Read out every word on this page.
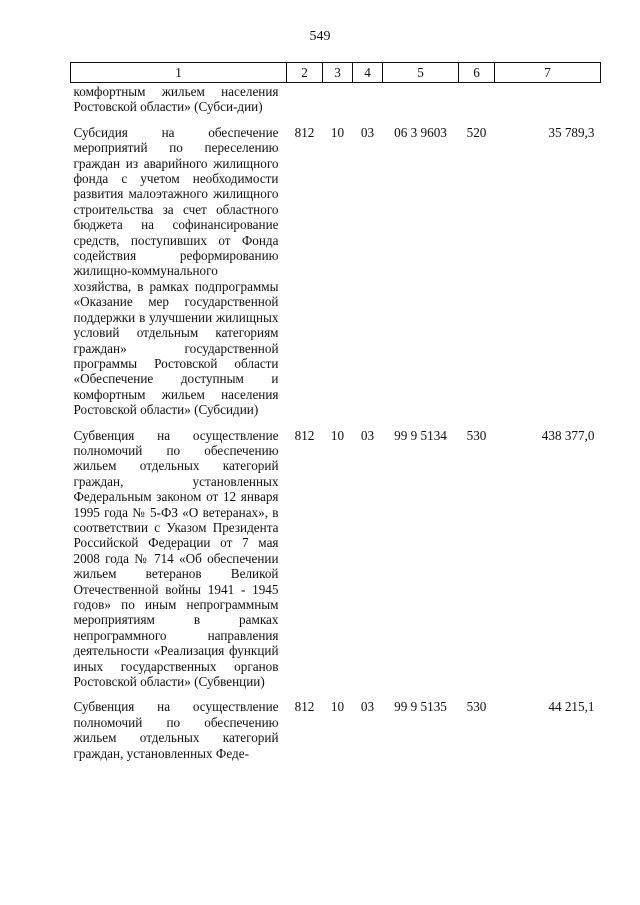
549
1	2	3	4	5	6	7
комфортным жильем населения Ростовской области» (Субси-дии)						
Субсидия на обеспечение мероприятий по переселению граждан из аварийного жилищного фонда с учетом необходимости развития малоэтажного жилищного строительства за счет областного бюджета на софинансирование средств, поступивших от Фонда содействия реформированию жилищно-коммунального хозяйства, в рамках подпрограммы «Оказание мер государственной поддержки в улучшении жилищных условий отдельным категориям граждан» государственной программы Ростовской области «Обеспечение доступным и комфортным жильем населения Ростовской области» (Субсидии)	812	10	03	06 3 9603	520	35 789,3
Субвенция на осуществление полномочий по обеспечению жильем отдельных категорий граждан, установленных Федеральным законом от 12 января 1995 года № 5-ФЗ «О ветеранах», в соответствии с Указом Президента Российской Федерации от 7 мая 2008 года № 714 «Об обеспечении жильем ветеранов Великой Отечественной войны 1941 - 1945 годов» по иным непрограммным мероприятиям в рамках непрограммного направления деятельности «Реализация функций иных государственных органов Ростовской области» (Субвенции)	812	10	03	99 9 5134	530	438 377,0
Субвенция на осуществление полномочий по обеспечению жильем отдельных категорий граждан, установленных Феде-	812	10	03	99 9 5135	530	44 215,1
